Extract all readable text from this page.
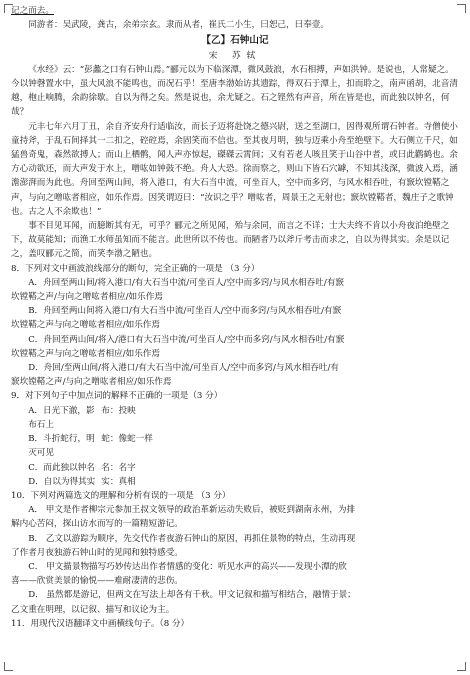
记之而去。

同游者：吴武陵，龚古，余弟宗玄。隶而从者，崔氏二小生，曰恕己，曰奉壹。

【乙】石钟山记

宋 苏轼

《水经》云：“彭蠡之口有石钟山焉。”郦元以为下临深潭，微风鼓浪，水石相搏，声如洪钟。是说也，人常疑之。今以钟磬置水中，虽大风浪不能鸣也，而况石乎！至唐李渤始访其遗踪，得双石于潭上，扣而聆之，南声函胡，北音清越，枹止响腾，余韵徐歇。自以为得之矣。然是说也，余尤疑之。石之铿然有声音，所在皆是也，而此独以钟名，何哉？

元丰七年六月丁丑，余自齐安舟行适临汝，而长子迈将赴饶之德兴尉，送之至湖口，因得观所谓石钟者。寺僧使小童持斧，于乱石间择其一二扣之，硿硿焉，余固笑而不信也。至其夜月明，独与迈乘小舟至绝壁下。大石侧立千尺，如猛兽奇鬼，森然欲搏人；而山上栖鹘，闻人声亦惊起，磔磔云霄间；又有若老人咳且笑于山谷中者，或曰此鹳鹤也。余方心动欲还，而大声发于水上，噌吰如钟鼓不绝。舟人大恐。徐而察之，则山下皆石穴罅，不知其浅深，微波入焉，涵澹澎湃而为此也。舟回至两山间，将入港口，有大石当中流，可坐百人，空中而多窍，与风水相吞吐，有窾坎镗鞳之声，与向之噌吰者相应，如乐作焉。因笑谓迈曰：“汝识之乎？噌吰者，周景王之无射也；窾坎镗鞳者，魏庄子之歌钟也。古之人不余欺也！”

事不目见耳闻，而臆断其有无，可乎？郦元之所见闻，殆与余同，而言之不详；士大夫终不肯以小舟夜泊绝壁之下，故莫能知；而渔工水师虽知而不能言。此世所以不传也。而陋者乃以斧斤考击而求之，自以为得其实。余是以记之，盖叹郦元之简，而笑李渤之陋也。

8．下列对文中画波浪线部分的断句，完全正确的一项是 （3 分）

A．舟回至两山间/将入港口/有大石当中流/可坐百人/空中而多窍/与风水相吞吐/有窾

坎镗鞳之声/与向之噌吰者相应/如乐作焉

B．舟回至两山间将入港口/有大石当中流/可坐百人/空中而多窍/与风水相吞吐/有窾

坎镗鞳之声与向之噌吰者相应/如乐作焉

C．舟回至两山间/将入/港口有大石当中流/可坐百人/空中而多窍/与风水相吞吐/有窾

坎镗鞳之声与向之噌吰者相应/如乐作焉

D．舟回/至两山间/将入港口/有大石当中流/可坐百人/空中而多窍/与风水相吞吐/有

窾坎镗鞳之声/与向之噌吰者相应/如乐作焉

9．对下列句子中加点词的解释不正确的一项是（3 分）

A．日光下澈，影布石上
布：投映
B．斗折蛇行，明灭可见
蛇：像蛇一样
C．而此独以钟名 名：名字
D．自以为得其实 实：真相

10．下列对两篇选文的理解和分析有误的一项是 （3 分）

A． 甲文是作者柳宗元参加王叔文领导的政治革新运动失败后，被贬到湖南永州，为排

解内心苦闷，探山访水而写的一篇精短游记。

B． 乙文以游踪为顺序，先交代作者夜游石钟山的原因，再抓住景物的特点，生动再现

了作者月夜独游石钟山时的见闻和独特感受。

C． 甲文描景物描写巧妙传达出作者情感的变化：听见水声的高兴——发现小潭的欣

喜——欣赏美景的愉悦——难耐凄清的悲伤。

D． 虽然都是游记，但两文在写法上却各有千秋。甲文记叙和描写相结合，融情于景；

乙文重在明理，以记叙、描写和议论为主。

11．用现代汉语翻译文中画横线句子。（8 分）
